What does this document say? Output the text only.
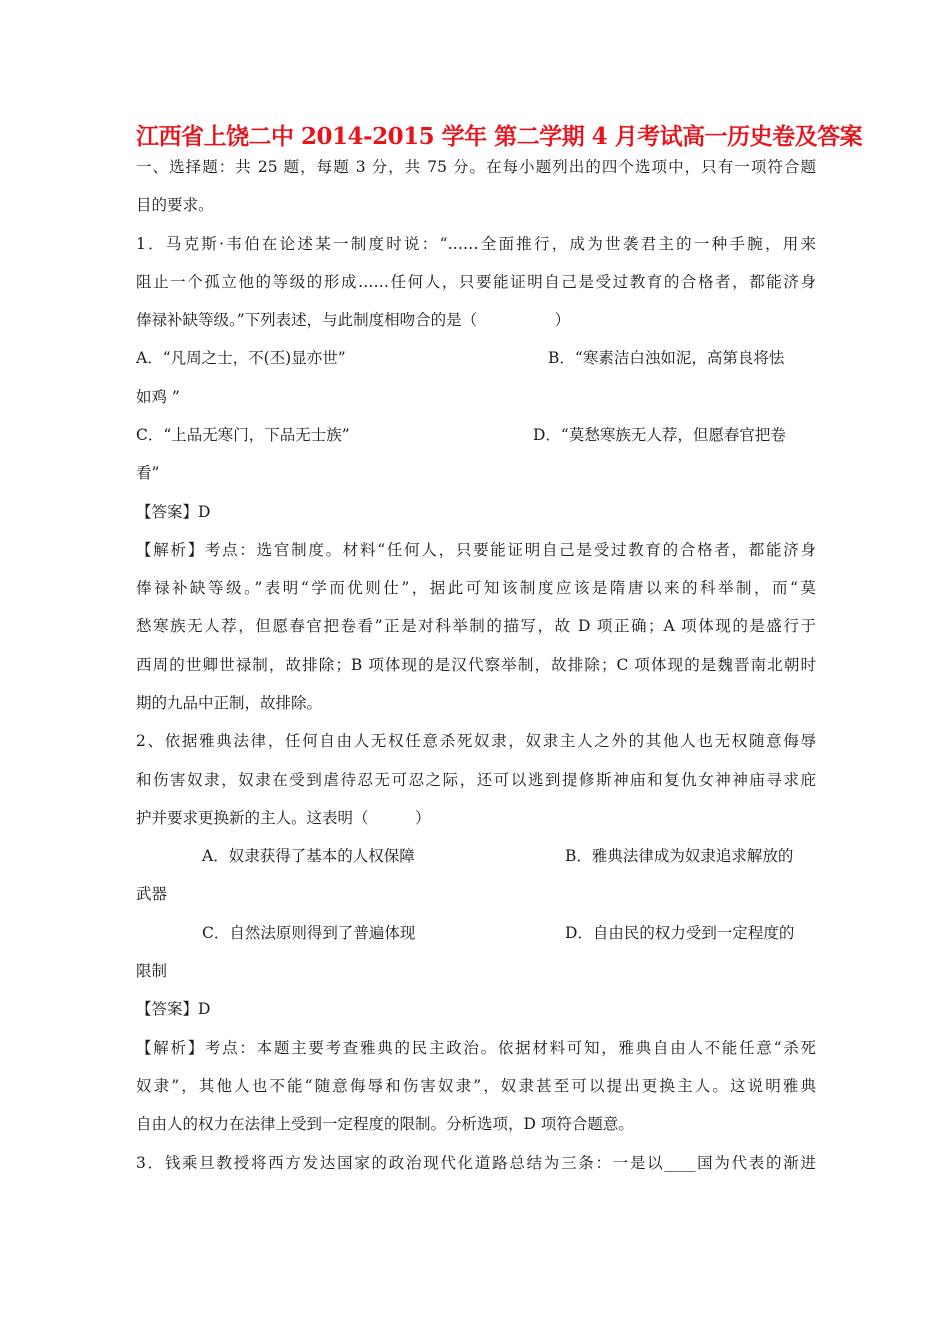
江西省上饶二中 2014-2015 学年 第二学期 4 月考试高一历史卷及答案
一、选择题：共 25 题，每题 3 分，共 75 分。在每小题列出的四个选项中，只有一项符合题
目的要求。
1．马克斯·韦伯在论述某一制度时说：“……全面推行，成为世袭君主的一种手腕，用来
阻止一个孤立他的等级的形成……任何人，只要能证明自己是受过教育的合格者，都能济身
俸禄补缺等级。”下列表述，与此制度相吻合的是（　　　　　）
A．“凡周之士，不(丕)显亦世”	B．“寒素洁白浊如泥，高第良将怯
如鸡 ”
C．“上品无寒门，下品无士族”	D．“莫愁寒族无人荐，但愿春官把卷
看”
【答案】D
【解析】考点：选官制度。材料“任何人，只要能证明自己是受过教育的合格者，都能济身
俸禄补缺等级。”表明“学而优则仕”，据此可知该制度应该是隋唐以来的科举制，而“莫
愁寒族无人荐，但愿春官把卷看”正是对科举制的描写，故 D 项正确；A 项体现的是盛行于
西周的世卿世禄制，故排除；B 项体现的是汉代察举制，故排除；C 项体现的是魏晋南北朝时
期的九品中正制，故排除。
2、依据雅典法律，任何自由人无权任意杀死奴隶，奴隶主人之外的其他人也无权随意侮辱
和伤害奴隶，奴隶在受到虐待忍无可忍之际，还可以逃到提修斯神庙和复仇女神神庙寻求庇
护并要求更换新的主人。这表明（　　　）
A．奴隶获得了基本的人权保障	B．雅典法律成为奴隶追求解放的
武器
C．自然法原则得到了普遍体现	D．自由民的权力受到一定程度的
限制
【答案】D
【解析】考点：本题主要考查雅典的民主政治。依据材料可知，雅典自由人不能任意“杀死
奴隶”，其他人也不能“随意侮辱和伤害奴隶”，奴隶甚至可以提出更换主人。这说明雅典
自由人的权力在法律上受到一定程度的限制。分析选项，D 项符合题意。
3．钱乘旦教授将西方发达国家的政治现代化道路总结为三条：一是以____国为代表的渐进
